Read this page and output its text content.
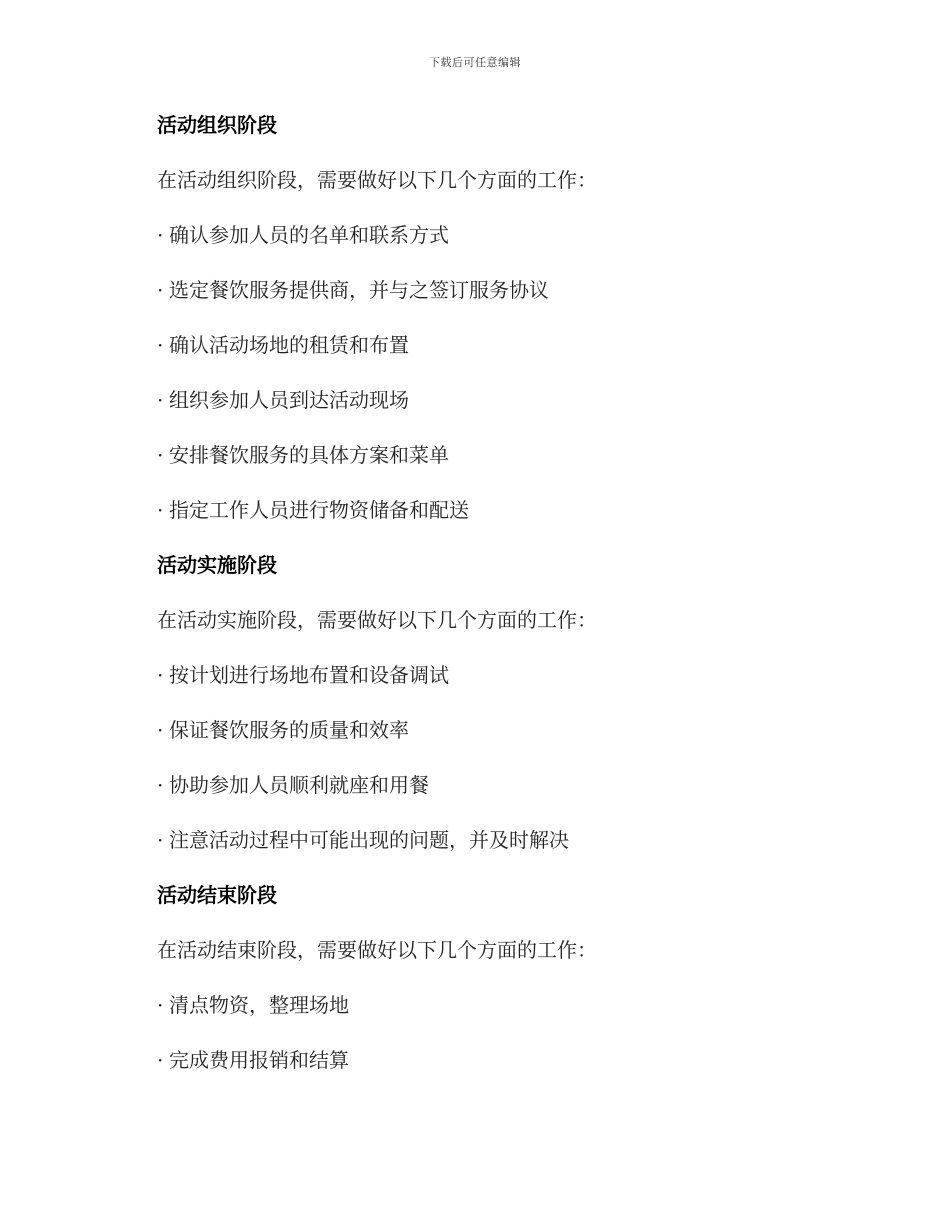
下载后可任意编辑
活动组织阶段
在活动组织阶段，需要做好以下几个方面的工作：
· 确认参加人员的名单和联系方式
· 选定餐饮服务提供商，并与之签订服务协议
· 确认活动场地的租赁和布置
· 组织参加人员到达活动现场
· 安排餐饮服务的具体方案和菜单
· 指定工作人员进行物资储备和配送
活动实施阶段
在活动实施阶段，需要做好以下几个方面的工作：
· 按计划进行场地布置和设备调试
· 保证餐饮服务的质量和效率
· 协助参加人员顺利就座和用餐
· 注意活动过程中可能出现的问题，并及时解决
活动结束阶段
在活动结束阶段，需要做好以下几个方面的工作：
· 清点物资，整理场地
· 完成费用报销和结算
